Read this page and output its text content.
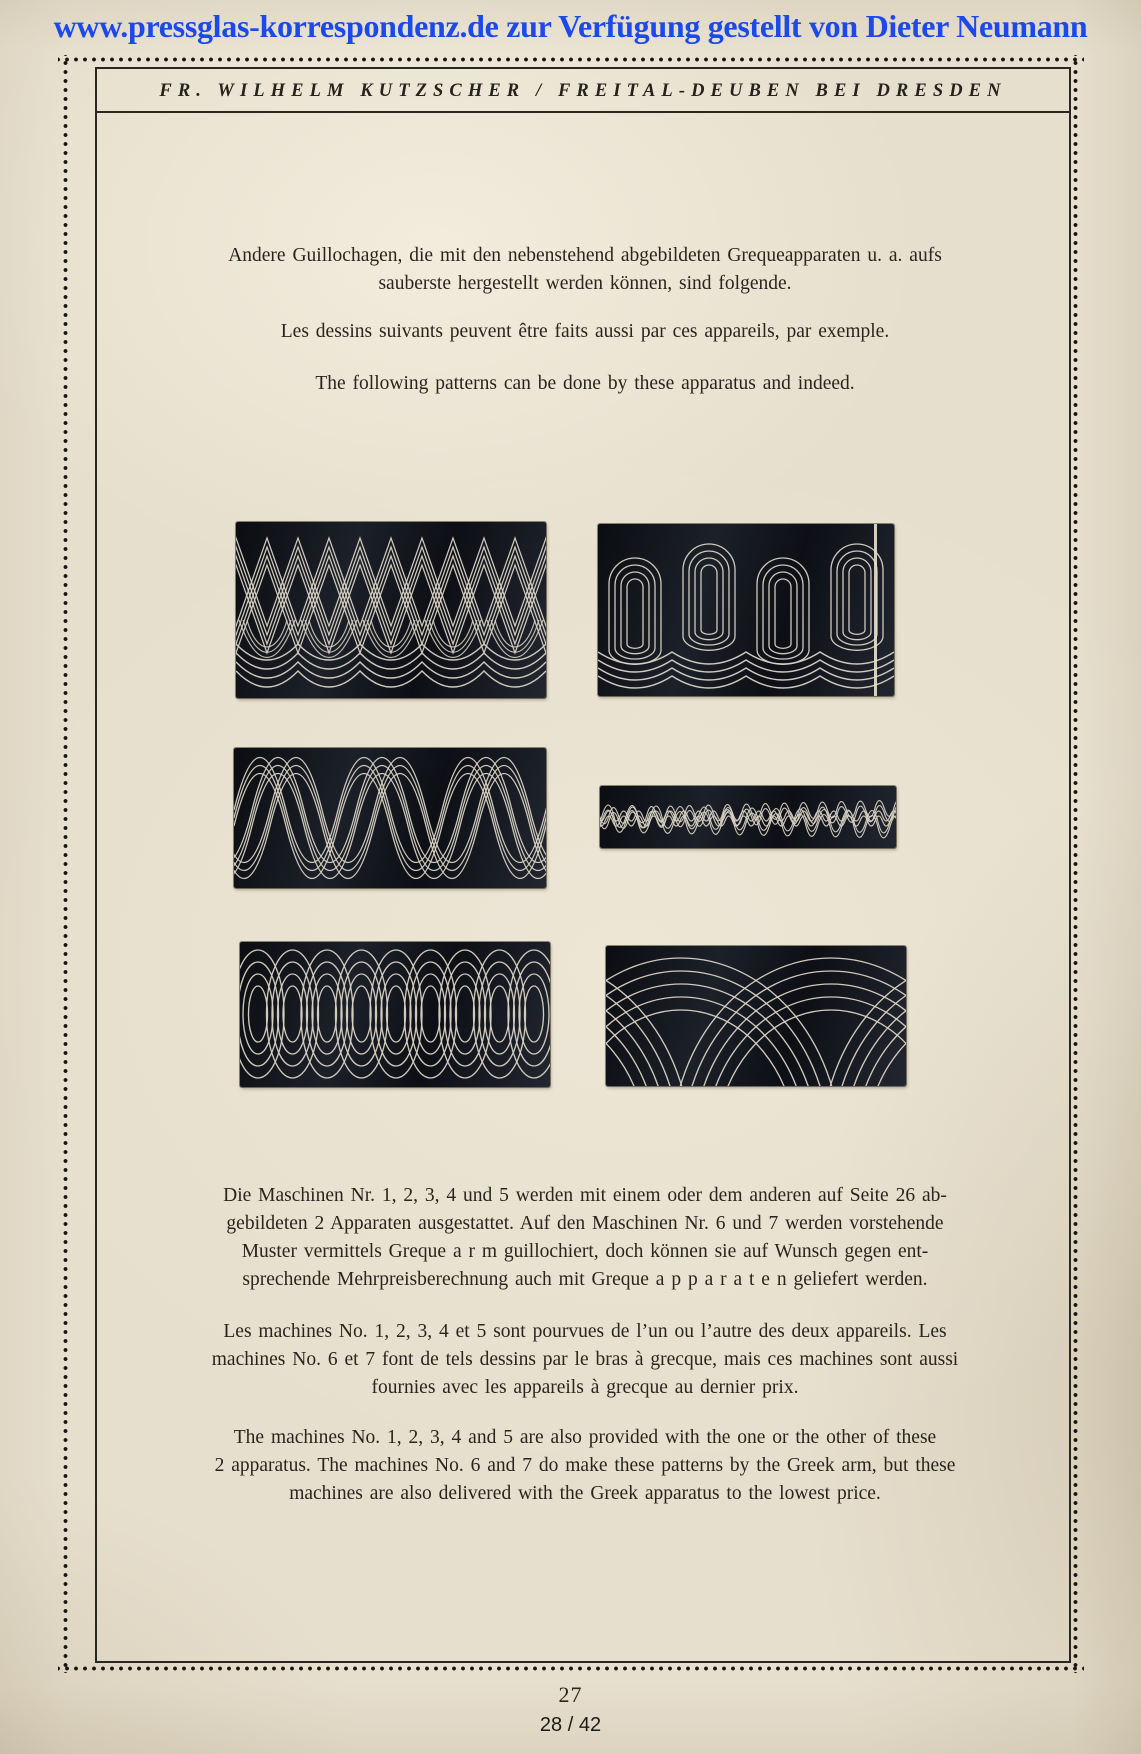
www.pressglas-korrespondenz.de zur Verfügung gestellt von Dieter Neumann
FR. WILHELM KUTZSCHER / FREITAL-DEUBEN BEI DRESDEN
Andere Guillochagen, die mit den nebenstehend abgebildeten Grequeapparaten u. a. aufs
sauberste hergestellt werden können, sind folgende.
Les dessins suivants peuvent être faits aussi par ces appareils, par exemple.
The following patterns can be done by these apparatus and indeed.
Die Maschinen Nr. 1, 2, 3, 4 und 5 werden mit einem oder dem anderen auf Seite 26 ab-
gebildeten 2 Apparaten ausgestattet. Auf den Maschinen Nr. 6 und 7 werden vorstehende
Muster vermittels Greque a r m guillochiert, doch können sie auf Wunsch gegen ent-
sprechende Mehrpreisberechnung auch mit Greque a p p a r a t e n geliefert werden.
Les machines No. 1, 2, 3, 4 et 5 sont pourvues de l’un ou l’autre des deux appareils. Les
machines No. 6 et 7 font de tels dessins par le bras à grecque, mais ces machines sont aussi
fournies avec les appareils à grecque au dernier prix.
The machines No. 1, 2, 3, 4 and 5 are also provided with the one or the other of these
2 apparatus. The machines No. 6 and 7 do make these patterns by the Greek arm, but these
machines are also delivered with the Greek apparatus to the lowest price.
27
28 / 42
